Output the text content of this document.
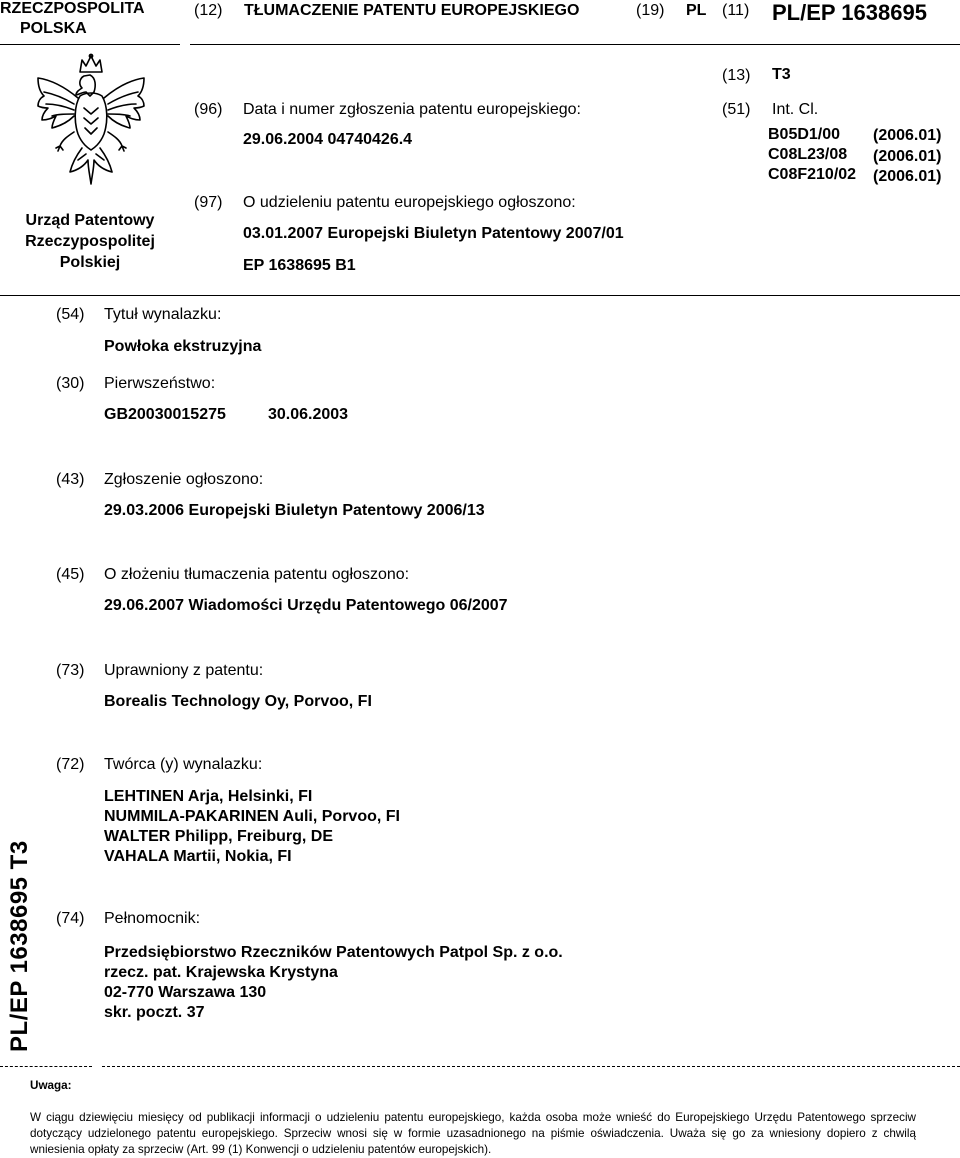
RZECZPOSPOLITA
POLSKA
(12) TŁUMACZENIE PATENTU EUROPEJSKIEGO	(19) PL (11) PL/EP 1638695
Urząd Patentowy
Rzeczypospolitej
Polskiej
(96) Data i numer zgłoszenia patentu europejskiego:
29.06.2004 04740426.4
(97) O udzieleniu patentu europejskiego ogłoszono:
03.01.2007 Europejski Biuletyn Patentowy 2007/01
EP 1638695 B1
(13) T3
(51) Int. Cl.
B05D1/00 (2006.01)
C08L23/08 (2006.01)
C08F210/02 (2006.01)
(54) Tytuł wynalazku:
Powłoka ekstruzyjna
(30) Pierwszeństwo:
GB20030015275	30.06.2003
(43) Zgłoszenie ogłoszono:
29.03.2006 Europejski Biuletyn Patentowy 2006/13
(45) O złożeniu tłumaczenia patentu ogłoszono:
29.06.2007 Wiadomości Urzędu Patentowego 06/2007
(73) Uprawniony z patentu:
Borealis Technology Oy, Porvoo, FI
(72) Twórca (y) wynalazku:
LEHTINEN Arja, Helsinki, FI
NUMMILA-PAKARINEN Auli, Porvoo, FI
WALTER Philipp, Freiburg, DE
VAHALA Martii, Nokia, FI
(74) Pełnomocnik:
Przedsiębiorstwo Rzeczników Patentowych Patpol Sp. z o.o.
rzecz. pat. Krajewska Krystyna
02-770 Warszawa 130
skr. poczt. 37
PL/EP 1638695 T3
Uwaga:
W ciągu dziewięciu miesięcy od publikacji informacji o udzieleniu patentu europejskiego, każda osoba może wnieść do Europejskiego Urzędu Patentowego sprzeciw dotyczący udzielonego patentu europejskiego. Sprzeciw wnosi się w formie uzasadnionego na piśmie oświadczenia. Uważa się go za wniesiony dopiero z chwilą wniesienia opłaty za sprzeciw (Art. 99 (1) Konwencji o udzieleniu patentów europejskich).
